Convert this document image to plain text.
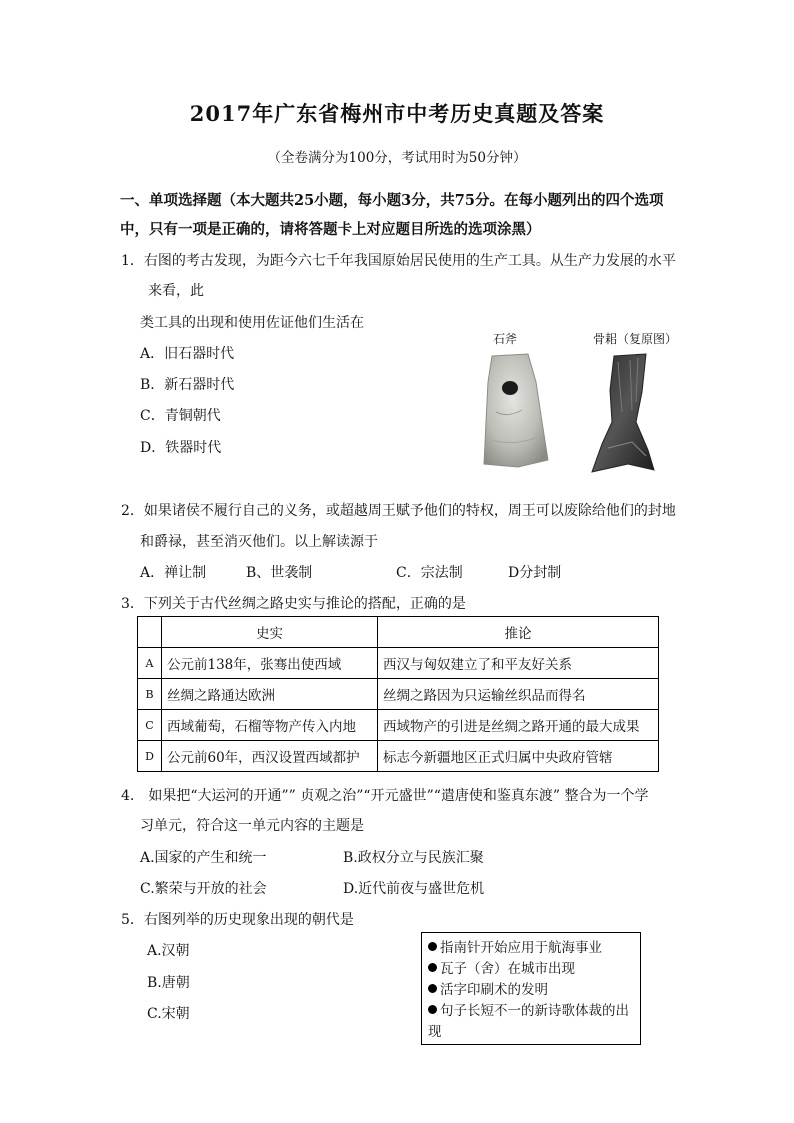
2017年广东省梅州市中考历史真题及答案
（全卷满分为100分，考试用时为50分钟）
一、单项选择题（本大题共25小题，每小题3分，共75分。在每小题列出的四个选项中，只有一项是正确的，请将答题卡上对应题目所选的选项涂黑）
1．右图的考古发现，为距今六七千年我国原始居民使用的生产工具。从生产力发展的水平
来看，此
类工具的出现和使用佐证他们生活在
A．旧石器时代
B．新石器时代
C．青铜朝代
D．铁器时代
石斧	骨耜（复原图）
2．如果诸侯不履行自己的义务，或超越周王赋予他们的特权，周王可以废除给他们的封地
和爵禄，甚至消灭他们。以上解读源于
A．禅让制	B、世袭制	C．宗法制	D分封制
3．下列关于古代丝绸之路史实与推论的搭配，正确的是
	史实	推论
A	公元前138年，张骞出使西域	西汉与匈奴建立了和平友好关系
B	丝绸之路通达欧洲	丝绸之路因为只运输丝织品而得名
C	西域葡萄，石榴等物产传入内地	西域物产的引进是丝绸之路开通的最大成果
D	公元前60年，西汉设置西域都护	标志今新疆地区正式归属中央政府管辖
4.　如果把“大运河的开通”” 贞观之治”“开元盛世”“遣唐使和鉴真东渡” 整合为一个学
习单元，符合这一单元内容的主题是
A.国家的产生和统一	B.政权分立与民族汇聚
C.繁荣与开放的社会	D.近代前夜与盛世危机
5．右图列举的历史现象出现的朝代是
A.汉朝
B.唐朝
C.宋朝
指南针开始应用于航海事业
瓦子（舍）在城市出现
活字印刷术的发明
句子长短不一的新诗歌体裁的出现
